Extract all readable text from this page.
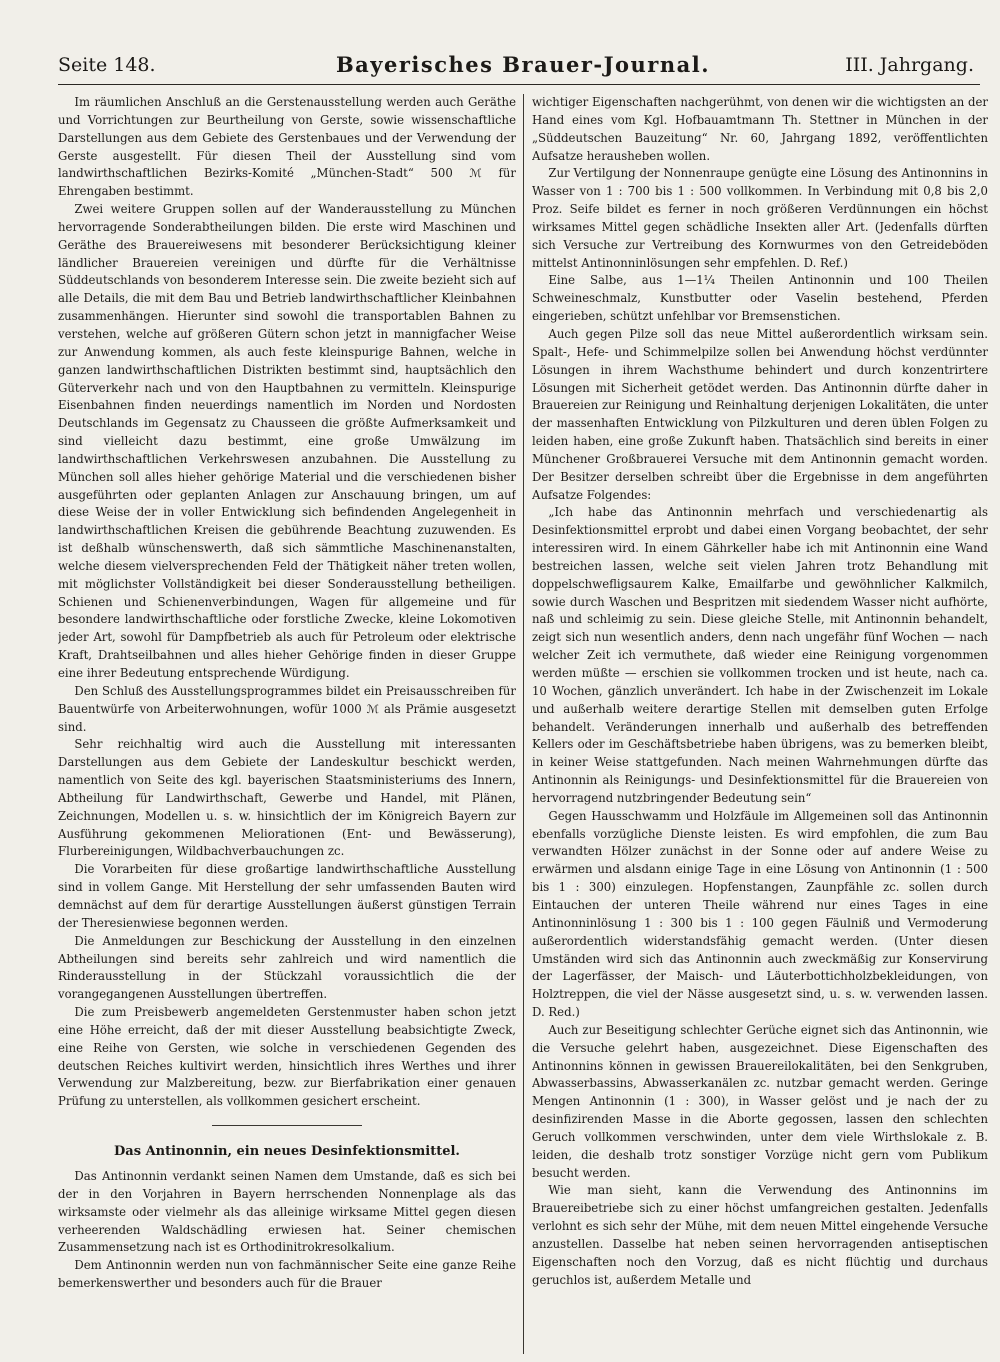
Seite 148.	Bayerisches Brauer-Journal.	III. Jahrgang.

Im räumlichen Anschluß an die Gerstenausstellung werden auch Geräthe und Vorrichtungen zur Beurtheilung von Gerste, sowie wissenschaftliche Darstellungen aus dem Gebiete des Gerstenbaues und der Verwendung der Gerste ausgestellt. Für diesen Theil der Ausstellung sind vom landwirthschaftlichen Bezirks-Komité „München-Stadt“ 500 ℳ für Ehrengaben bestimmt.

Zwei weitere Gruppen sollen auf der Wanderausstellung zu München hervorragende Sonderabtheilungen bilden. Die erste wird Maschinen und Geräthe des Brauereiwesens mit besonderer Berücksichtigung kleiner ländlicher Brauereien vereinigen und dürfte für die Verhältnisse Süddeutschlands von besonderem Interesse sein. Die zweite bezieht sich auf alle Details, die mit dem Bau und Betrieb landwirthschaftlicher Kleinbahnen zusammenhängen. Hierunter sind sowohl die transportablen Bahnen zu verstehen, welche auf größeren Gütern schon jetzt in mannigfacher Weise zur Anwendung kommen, als auch feste kleinspurige Bahnen, welche in ganzen landwirthschaftlichen Distrikten bestimmt sind, hauptsächlich den Güterverkehr nach und von den Hauptbahnen zu vermitteln. Kleinspurige Eisenbahnen finden neuerdings namentlich im Norden und Nordosten Deutschlands im Gegensatz zu Chausseen die größte Aufmerksamkeit und sind vielleicht dazu bestimmt, eine große Umwälzung im landwirthschaftlichen Verkehrswesen anzubahnen. Die Ausstellung zu München soll alles hieher gehörige Material und die verschiedenen bisher ausgeführten oder geplanten Anlagen zur Anschauung bringen, um auf diese Weise der in voller Entwicklung sich befindenden Angelegenheit in landwirthschaftlichen Kreisen die gebührende Beachtung zuzuwenden. Es ist deßhalb wünschenswerth, daß sich sämmtliche Maschinenanstalten, welche diesem vielversprechenden Feld der Thätigkeit näher treten wollen, mit möglichster Vollständigkeit bei dieser Sonderausstellung betheiligen. Schienen und Schienenverbindungen, Wagen für allgemeine und für besondere landwirthschaftliche oder forstliche Zwecke, kleine Lokomotiven jeder Art, sowohl für Dampfbetrieb als auch für Petroleum oder elektrische Kraft, Drahtseilbahnen und alles hieher Gehörige finden in dieser Gruppe eine ihrer Bedeutung entsprechende Würdigung.

Den Schluß des Ausstellungsprogrammes bildet ein Preisausschreiben für Bauentwürfe von Arbeiterwohnungen, wofür 1000 ℳ als Prämie ausgesetzt sind.

Sehr reichhaltig wird auch die Ausstellung mit interessanten Darstellungen aus dem Gebiete der Landeskultur beschickt werden, namentlich von Seite des kgl. bayerischen Staatsministeriums des Innern, Abtheilung für Landwirthschaft, Gewerbe und Handel, mit Plänen, Zeichnungen, Modellen u. s. w. hinsichtlich der im Königreich Bayern zur Ausführung gekommenen Meliorationen (Ent- und Bewässerung), Flurbereinigungen, Wildbachverbauchungen zc.

Die Vorarbeiten für diese großartige landwirthschaftliche Ausstellung sind in vollem Gange. Mit Herstellung der sehr umfassenden Bauten wird demnächst auf dem für derartige Ausstellungen äußerst günstigen Terrain der Theresienwiese begonnen werden.

Die Anmeldungen zur Beschickung der Ausstellung in den einzelnen Abtheilungen sind bereits sehr zahlreich und wird namentlich die Rinderausstellung in der Stückzahl voraussichtlich die der vorangegangenen Ausstellungen übertreffen.

Die zum Preisbewerb angemeldeten Gerstenmuster haben schon jetzt eine Höhe erreicht, daß der mit dieser Ausstellung beabsichtigte Zweck, eine Reihe von Gersten, wie solche in verschiedenen Gegenden des deutschen Reiches kultivirt werden, hinsichtlich ihres Werthes und ihrer Verwendung zur Malzbereitung, bezw. zur Bierfabrikation einer genauen Prüfung zu unterstellen, als vollkommen gesichert erscheint.

Das Antinonnin, ein neues Desinfektionsmittel.

Das Antinonnin verdankt seinen Namen dem Umstande, daß es sich bei der in den Vorjahren in Bayern herrschenden Nonnenplage als das wirksamste oder vielmehr als das alleinige wirksame Mittel gegen diesen verheerenden Waldschädling erwiesen hat. Seiner chemischen Zusammensetzung nach ist es Orthodinitrokresolkalium.

Dem Antinonnin werden nun von fachmännischer Seite eine ganze Reihe bemerkenswerther und besonders auch für die Brauer

wichtiger Eigenschaften nachgerühmt, von denen wir die wichtigsten an der Hand eines vom Kgl. Hofbauamtmann Th. Stettner in München in der „Süddeutschen Bauzeitung“ Nr. 60, Jahrgang 1892, veröffentlichten Aufsatze herausheben wollen.

Zur Vertilgung der Nonnenraupe genügte eine Lösung des Antinonnins in Wasser von 1 : 700 bis 1 : 500 vollkommen. In Verbindung mit 0,8 bis 2,0 Proz. Seife bildet es ferner in noch größeren Verdünnungen ein höchst wirksames Mittel gegen schädliche Insekten aller Art. (Jedenfalls dürften sich Versuche zur Vertreibung des Kornwurmes von den Getreideböden mittelst Antinonninlösungen sehr empfehlen. D. Ref.)

Eine Salbe, aus 1—1¼ Theilen Antinonnin und 100 Theilen Schweineschmalz, Kunstbutter oder Vaselin bestehend, Pferden eingerieben, schützt unfehlbar vor Bremsenstichen.

Auch gegen Pilze soll das neue Mittel außerordentlich wirksam sein. Spalt-, Hefe- und Schimmelpilze sollen bei Anwendung höchst verdünnter Lösungen in ihrem Wachsthume behindert und durch konzentrirtere Lösungen mit Sicherheit getödet werden. Das Antinonnin dürfte daher in Brauereien zur Reinigung und Reinhaltung derjenigen Lokalitäten, die unter der massenhaften Entwicklung von Pilzkulturen und deren üblen Folgen zu leiden haben, eine große Zukunft haben. Thatsächlich sind bereits in einer Münchener Großbrauerei Versuche mit dem Antinonnin gemacht worden. Der Besitzer derselben schreibt über die Ergebnisse in dem angeführten Aufsatze Folgendes:

„Ich habe das Antinonnin mehrfach und verschiedenartig als Desinfektionsmittel erprobt und dabei einen Vorgang beobachtet, der sehr interessiren wird. In einem Gährkeller habe ich mit Antinonnin eine Wand bestreichen lassen, welche seit vielen Jahren trotz Behandlung mit doppelschwefligsaurem Kalke, Emailfarbe und gewöhnlicher Kalkmilch, sowie durch Waschen und Bespritzen mit siedendem Wasser nicht aufhörte, naß und schleimig zu sein. Diese gleiche Stelle, mit Antinonnin behandelt, zeigt sich nun wesentlich anders, denn nach ungefähr fünf Wochen — nach welcher Zeit ich vermuthete, daß wieder eine Reinigung vorgenommen werden müßte — erschien sie vollkommen trocken und ist heute, nach ca. 10 Wochen, gänzlich unverändert. Ich habe in der Zwischenzeit im Lokale und außerhalb weitere derartige Stellen mit demselben guten Erfolge behandelt. Veränderungen innerhalb und außerhalb des betreffenden Kellers oder im Geschäftsbetriebe haben übrigens, was zu bemerken bleibt, in keiner Weise stattgefunden. Nach meinen Wahrnehmungen dürfte das Antinonnin als Reinigungs- und Desinfektionsmittel für die Brauereien von hervorragend nutzbringender Bedeutung sein“

Gegen Hausschwamm und Holzfäule im Allgemeinen soll das Antinonnin ebenfalls vorzügliche Dienste leisten. Es wird empfohlen, die zum Bau verwandten Hölzer zunächst in der Sonne oder auf andere Weise zu erwärmen und alsdann einige Tage in eine Lösung von Antinonnin (1 : 500 bis 1 : 300) einzulegen. Hopfenstangen, Zaunpfähle zc. sollen durch Eintauchen der unteren Theile während nur eines Tages in eine Antinonninlösung 1 : 300 bis 1 : 100 gegen Fäulniß und Vermoderung außerordentlich widerstandsfähig gemacht werden. (Unter diesen Umständen wird sich das Antinonnin auch zweckmäßig zur Konservirung der Lagerfässer, der Maisch- und Läuterbottichholzbekleidungen, von Holztreppen, die viel der Nässe ausgesetzt sind, u. s. w. verwenden lassen. D. Red.)

Auch zur Beseitigung schlechter Gerüche eignet sich das Antinonnin, wie die Versuche gelehrt haben, ausgezeichnet. Diese Eigenschaften des Antinonnins können in gewissen Brauereilokalitäten, bei den Senkgruben, Abwasserbassins, Abwasserkanälen zc. nutzbar gemacht werden. Geringe Mengen Antinonnin (1 : 300), in Wasser gelöst und je nach der zu desinfizirenden Masse in die Aborte gegossen, lassen den schlechten Geruch vollkommen verschwinden, unter dem viele Wirthslokale z. B. leiden, die deshalb trotz sonstiger Vorzüge nicht gern vom Publikum besucht werden.

Wie man sieht, kann die Verwendung des Antinonnins im Brauereibetriebe sich zu einer höchst umfangreichen gestalten. Jedenfalls verlohnt es sich sehr der Mühe, mit dem neuen Mittel eingehende Versuche anzustellen. Dasselbe hat neben seinen hervorragenden antiseptischen Eigenschaften noch den Vorzug, daß es nicht flüchtig und durchaus geruchlos ist, außerdem Metalle und
